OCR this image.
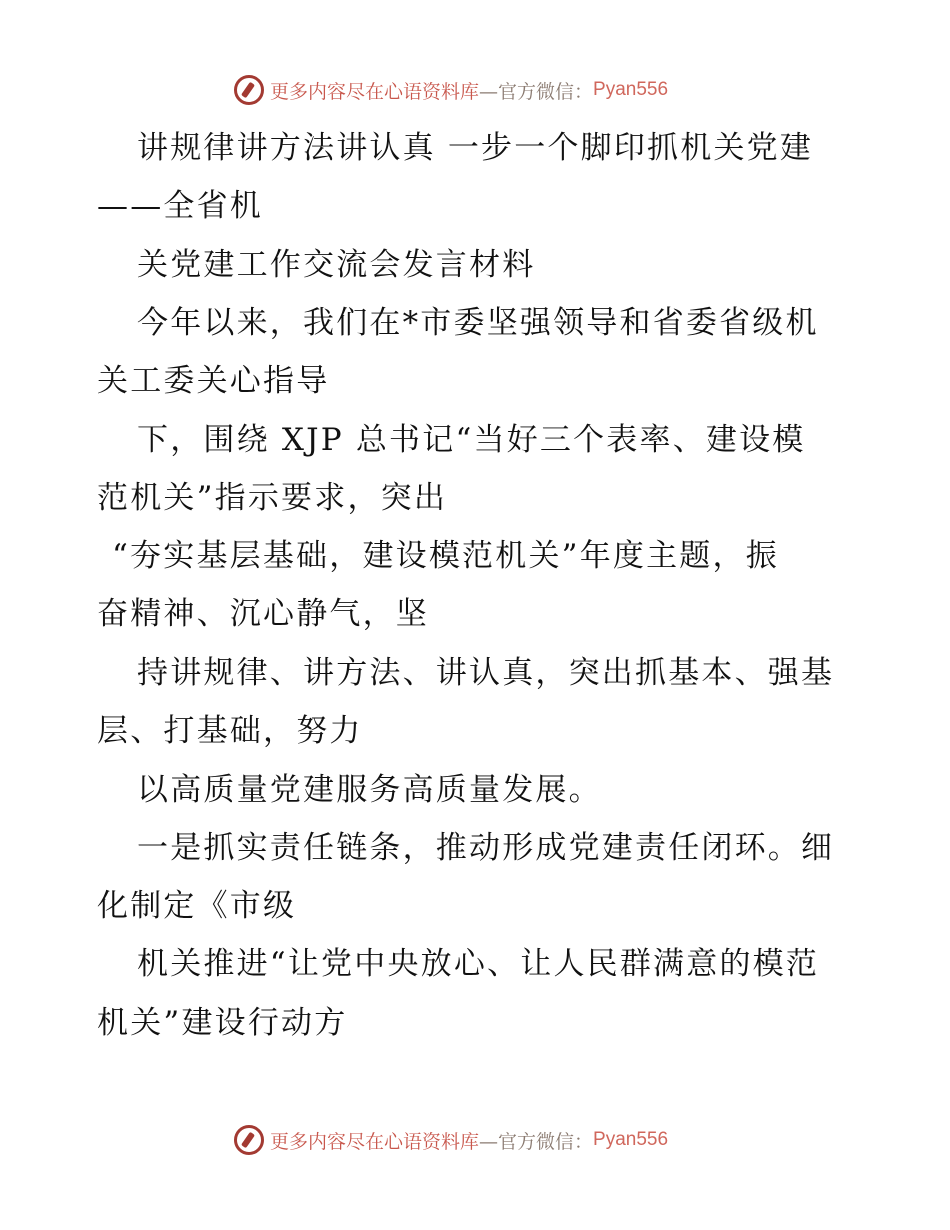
更多内容尽在心语资料库 —官方微信： Pyan556
讲规律讲方法讲认真 一步一个脚印抓机关党建
——全省机
关党建工作交流会发言材料
今年以来，我们在*市委坚强领导和省委省级机
关工委关心指导
下，围绕 XJP 总书记“当好三个表率、建设模
范机关”指示要求，突出
“夯实基层基础，建设模范机关”年度主题，振
奋精神、沉心静气，坚
持讲规律、讲方法、讲认真，突出抓基本、强基
层、打基础，努力
以高质量党建服务高质量发展。
一是抓实责任链条，推动形成党建责任闭环。细
化制定《市级
机关推进“让党中央放心、让人民群满意的模范
机关”建设行动方
更多内容尽在心语资料库 —官方微信： Pyan556
